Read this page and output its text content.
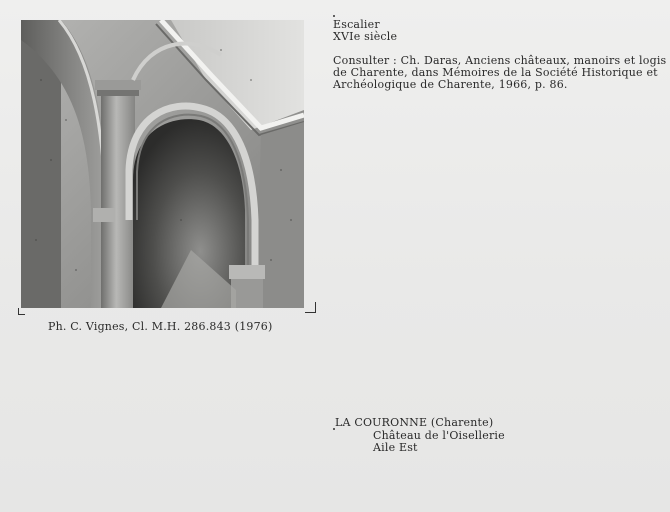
Ph. C. Vignes, Cl. M.H. 286.843 (1976)
Escalier
XVIe siècle
Consulter : Ch. Daras, Anciens châteaux, manoirs et logis
de Charente, dans Mémoires de la Société Historique et
Archéologique de Charente, 1966, p. 86.
LA COURONNE (Charente)
Château de l'Oisellerie
Aile Est
